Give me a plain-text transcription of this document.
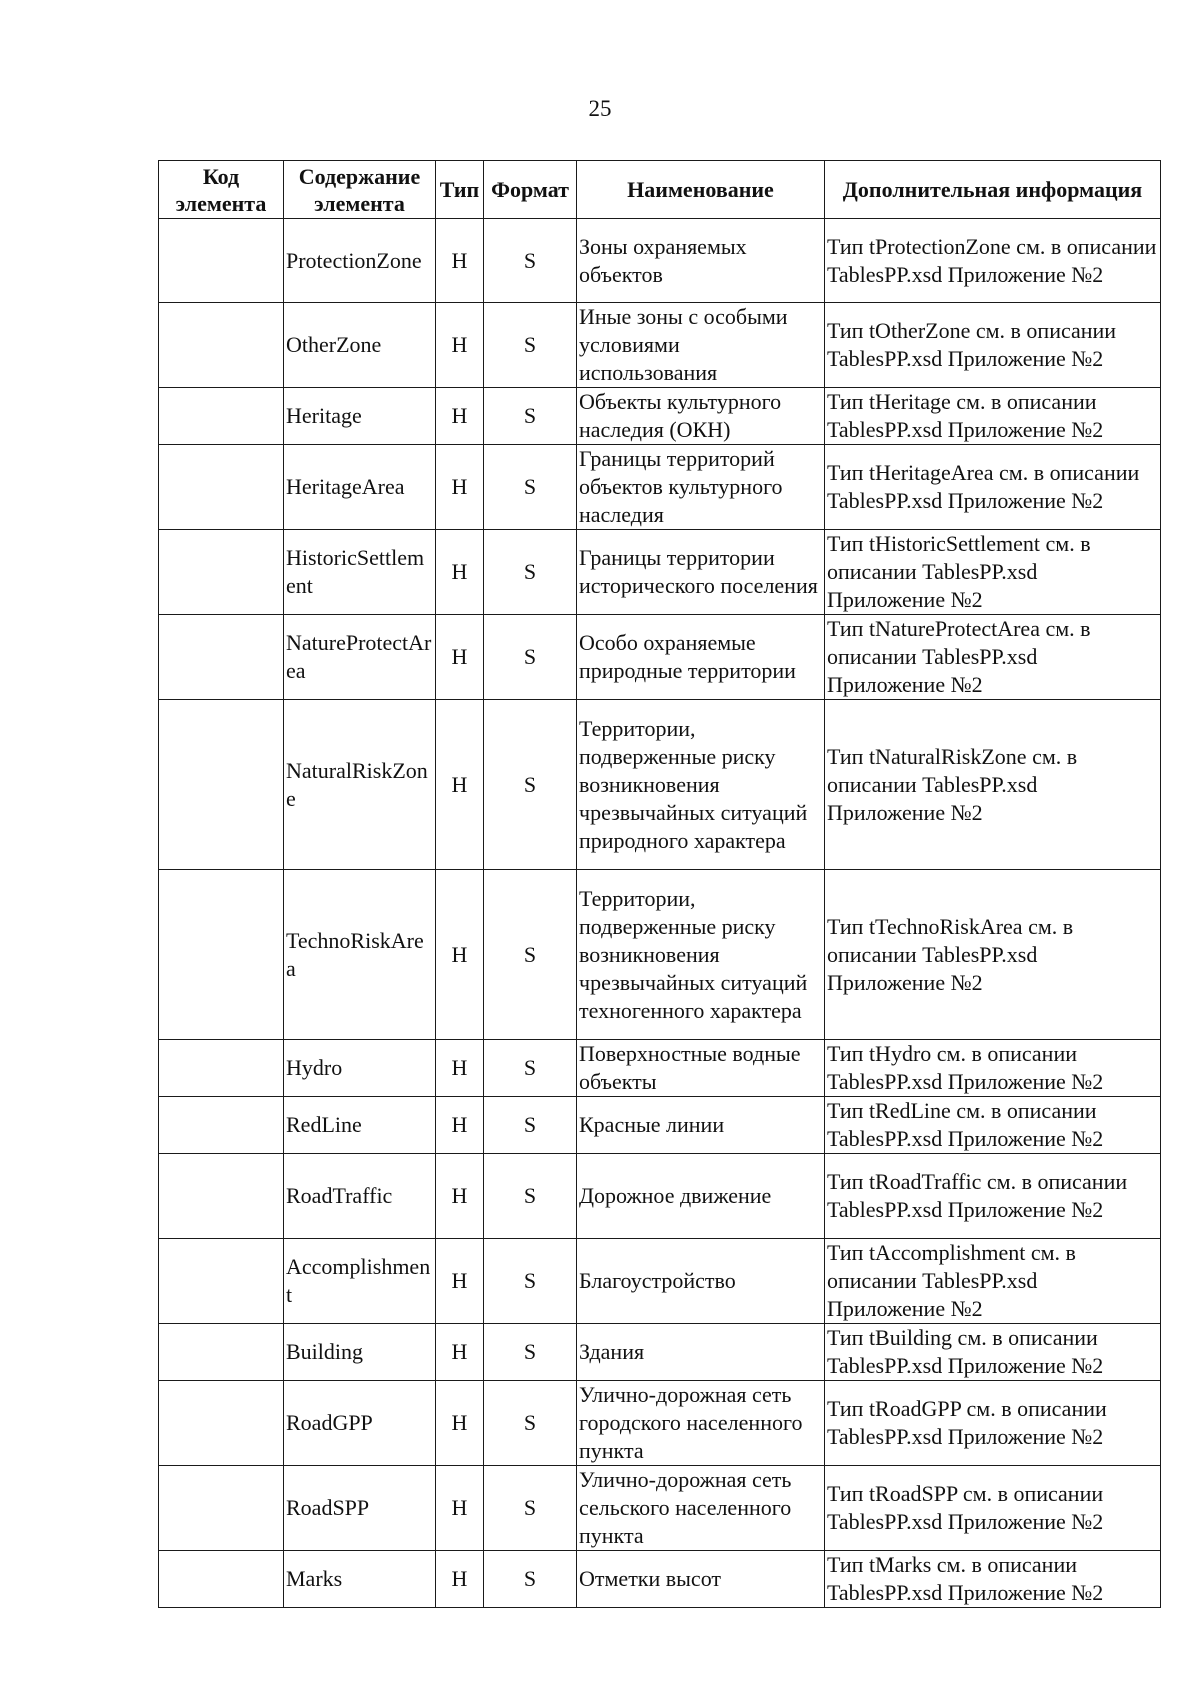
25
Код элемента	Содержание элемента	Тип	Формат	Наименование	Дополнительная информация
	ProtectionZone	H	S	Зоны охраняемых объектов	Тип tProtectionZone см. в описании TablesPP.xsd Приложение №2
	OtherZone	H	S	Иные зоны с особыми условиями использования	Тип tOtherZone см. в описании TablesPP.xsd Приложение №2
	Heritage	H	S	Объекты культурного наследия (ОКН)	Тип tHeritage см. в описании TablesPP.xsd Приложение №2
	HeritageArea	H	S	Границы территорий объектов культурного наследия	Тип tHeritageArea см. в описании TablesPP.xsd Приложение №2
	HistoricSettlement	H	S	Границы территории исторического поселения	Тип tHistoricSettlement см. в описании TablesPP.xsd Приложение №2
	NatureProtectArea	H	S	Особо охраняемые природные территории	Тип tNatureProtectArea см. в описании TablesPP.xsd Приложение №2
	NaturalRiskZone	H	S	Территории, подверженные риску возникновения чрезвычайных ситуаций природного характера	Тип tNaturalRiskZone см. в описании TablesPP.xsd Приложение №2
	TechnoRiskArea	H	S	Территории, подверженные риску возникновения чрезвычайных ситуаций техногенного характера	Тип tTechnoRiskArea см. в описании TablesPP.xsd Приложение №2
	Hydro	H	S	Поверхностные водные объекты	Тип tHydro см. в описании TablesPP.xsd Приложение №2
	RedLine	H	S	Красные линии	Тип tRedLine см. в описании TablesPP.xsd Приложение №2
	RoadTraffic	H	S	Дорожное движение	Тип tRoadTraffic см. в описании TablesPP.xsd Приложение №2
	Accomplishment	H	S	Благоустройство	Тип tAccomplishment см. в описании TablesPP.xsd Приложение №2
	Building	H	S	Здания	Тип tBuilding см. в описании TablesPP.xsd Приложение №2
	RoadGPP	H	S	Улично-дорожная сеть городского населенного пункта	Тип tRoadGPP см. в описании TablesPP.xsd Приложение №2
	RoadSPP	H	S	Улично-дорожная сеть сельского населенного пункта	Тип tRoadSPP см. в описании TablesPP.xsd Приложение №2
	Marks	H	S	Отметки высот	Тип tMarks см. в описании TablesPP.xsd Приложение №2
